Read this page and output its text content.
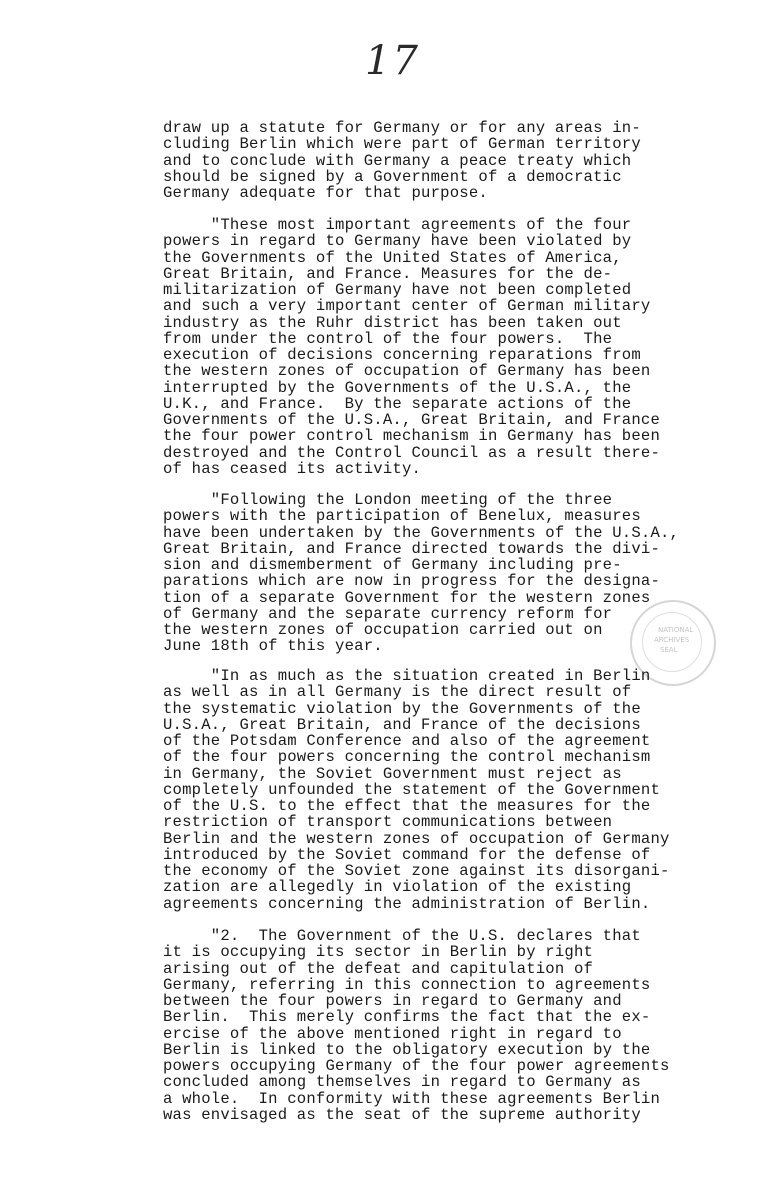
17
NATIONAL
ARCHIVES
SEAL

draw up a statute for Germany or for any areas in-
cluding Berlin which were part of German territory
and to conclude with Germany a peace treaty which
should be signed by a Government of a democratic
Germany adequate for that purpose.

"These most important agreements of the four
powers in regard to Germany have been violated by
the Governments of the United States of America,
Great Britain, and France. Measures for the de-
militarization of Germany have not been completed
and such a very important center of German military
industry as the Ruhr district has been taken out
from under the control of the four powers.  The
execution of decisions concerning reparations from
the western zones of occupation of Germany has been
interrupted by the Governments of the U.S.A., the
U.K., and France.  By the separate actions of the
Governments of the U.S.A., Great Britain, and France
the four power control mechanism in Germany has been
destroyed and the Control Council as a result there-
of has ceased its activity.

"Following the London meeting of the three
powers with the participation of Benelux, measures
have been undertaken by the Governments of the U.S.A.,
Great Britain, and France directed towards the divi-
sion and dismemberment of Germany including pre-
parations which are now in progress for the designa-
tion of a separate Government for the western zones
of Germany and the separate currency reform for
the western zones of occupation carried out on
June 18th of this year.

"In as much as the situation created in Berlin
as well as in all Germany is the direct result of
the systematic violation by the Governments of the
U.S.A., Great Britain, and France of the decisions
of the Potsdam Conference and also of the agreement
of the four powers concerning the control mechanism
in Germany, the Soviet Government must reject as
completely unfounded the statement of the Government
of the U.S. to the effect that the measures for the
restriction of transport communications between
Berlin and the western zones of occupation of Germany
introduced by the Soviet command for the defense of
the economy of the Soviet zone against its disorgani-
zation are allegedly in violation of the existing
agreements concerning the administration of Berlin.

"2.  The Government of the U.S. declares that
it is occupying its sector in Berlin by right
arising out of the defeat and capitulation of
Germany, referring in this connection to agreements
between the four powers in regard to Germany and
Berlin.  This merely confirms the fact that the ex-
ercise of the above mentioned right in regard to
Berlin is linked to the obligatory execution by the
powers occupying Germany of the four power agreements
concluded among themselves in regard to Germany as
a whole.  In conformity with these agreements Berlin
was envisaged as the seat of the supreme authority
